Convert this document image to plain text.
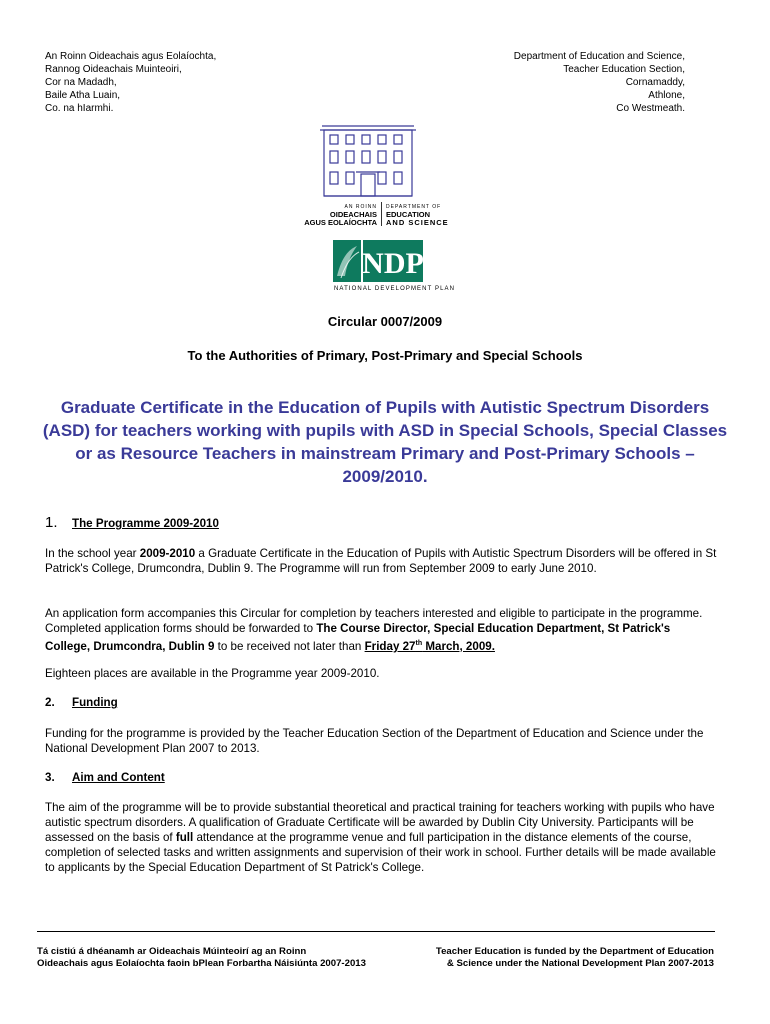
An Roinn Oideachais agus Eolaíochta,
Rannog Oideachais Muinteoiri,
Cor na Madadh,
Baile Atha Luain,
Co. na hIarmhi.
Department of Education and Science,
Teacher Education Section,
Cornamaddy,
Athlone,
Co Westmeath.
AN ROINN
OIDEACHAIS
AGUS EOLAÍOCHTA
DEPARTMENT OF
EDUCATION
AND SCIENCE
NDP
NATIONAL DEVELOPMENT PLAN
Circular 0007/2009
To the Authorities of Primary, Post-Primary and Special Schools
Graduate Certificate in the Education of Pupils with Autistic Spectrum Disorders (ASD) for teachers working with pupils with ASD in Special Schools, Special Classes or as Resource Teachers in mainstream Primary and Post-Primary Schools – 2009/2010.
1. The Programme 2009-2010
In the school year 2009-2010 a Graduate Certificate in the Education of Pupils with Autistic Spectrum Disorders will be offered in St Patrick's College, Drumcondra, Dublin 9. The Programme will run from September 2009 to early June 2010.
An application form accompanies this Circular for completion by teachers interested and eligible to participate in the programme. Completed application forms should be forwarded to The Course Director, Special Education Department, St Patrick's College, Drumcondra, Dublin 9 to be received not later than Friday 27th March, 2009.
Eighteen places are available in the Programme year 2009-2010.
2. Funding
Funding for the programme is provided by the Teacher Education Section of the Department of Education and Science under the National Development Plan 2007 to 2013.
3. Aim and Content
The aim of the programme will be to provide substantial theoretical and practical training for teachers working with pupils who have autistic spectrum disorders. A qualification of Graduate Certificate will be awarded by Dublin City University. Participants will be assessed on the basis of full attendance at the programme venue and full participation in the distance elements of the course, completion of selected tasks and written assignments and supervision of their work in school. Further details will be made available to applicants by the Special Education Department of St Patrick's College.
Tá cistiú á dhéanamh ar Oideachais Múinteoirí ag an Roinn
Oideachais agus Eolaíochta faoin bPlean Forbartha Náisiúnta 2007-2013
Teacher Education is funded by the Department of Education
& Science under the National Development Plan 2007-2013
